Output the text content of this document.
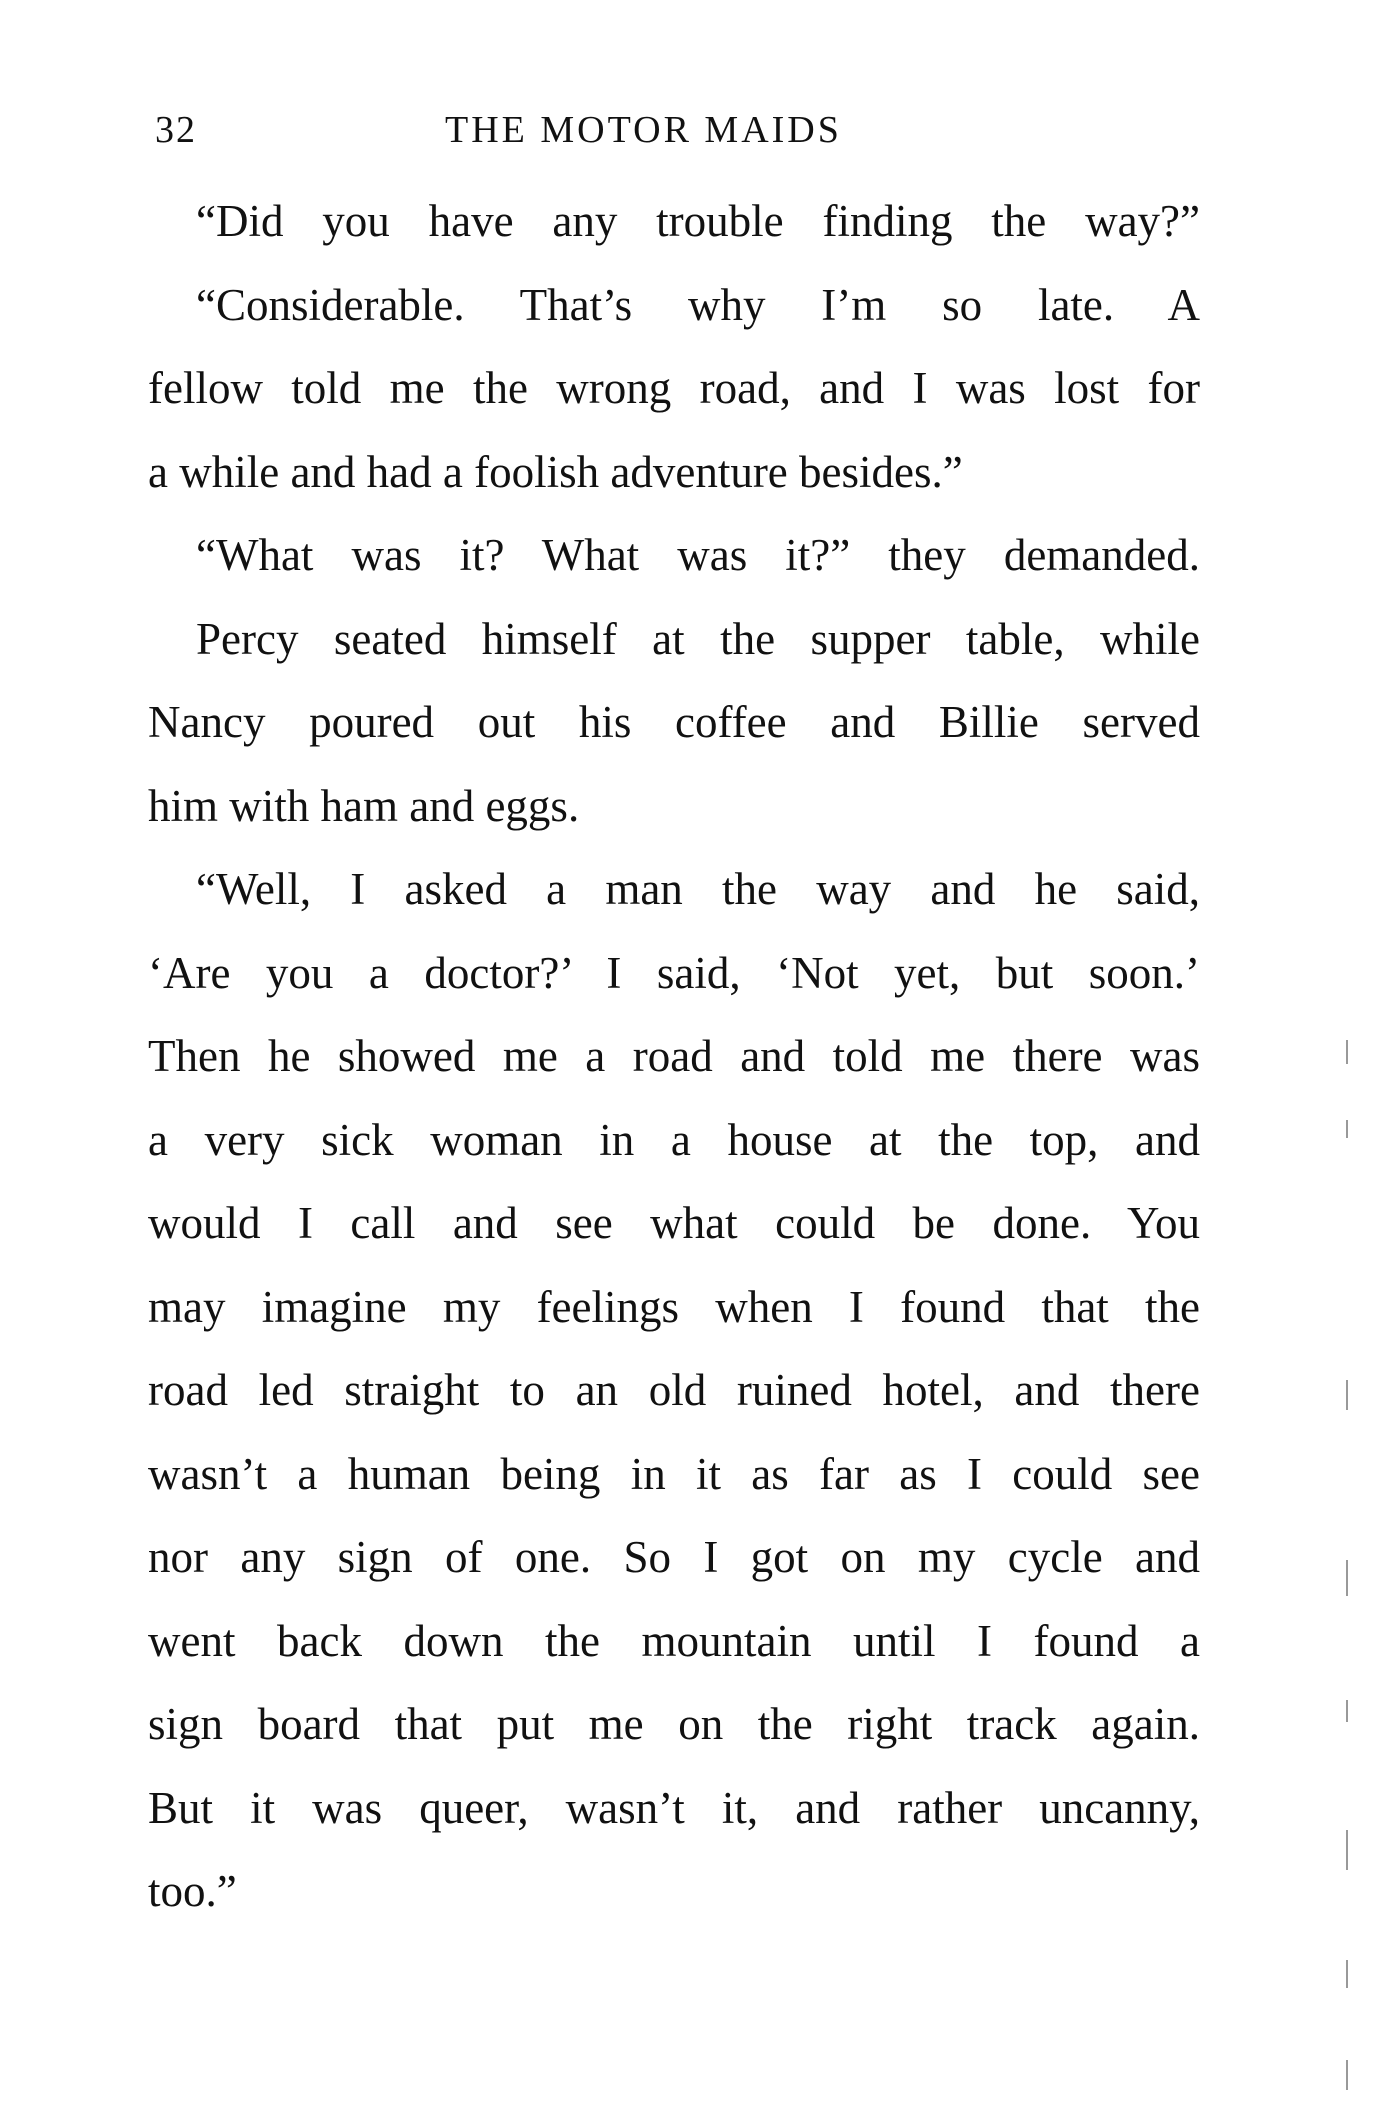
32	THE MOTOR MAIDS
“Did you have any trouble finding the way?”
“Considerable. That’s why I’m so late. A
fellow told me the wrong road, and I was lost for
a while and had a foolish adventure besides.”
“What was it? What was it?” they demanded.
Percy seated himself at the supper table, while
Nancy poured out his coffee and Billie served
him with ham and eggs.
“Well, I asked a man the way and he said,
‘Are you a doctor?’ I said, ‘Not yet, but soon.’
Then he showed me a road and told me there was
a very sick woman in a house at the top, and
would I call and see what could be done. You
may imagine my feelings when I found that the
road led straight to an old ruined hotel, and there
wasn’t a human being in it as far as I could see
nor any sign of one. So I got on my cycle and
went back down the mountain until I found a
sign board that put me on the right track again.
But it was queer, wasn’t it, and rather uncanny,
too.”
